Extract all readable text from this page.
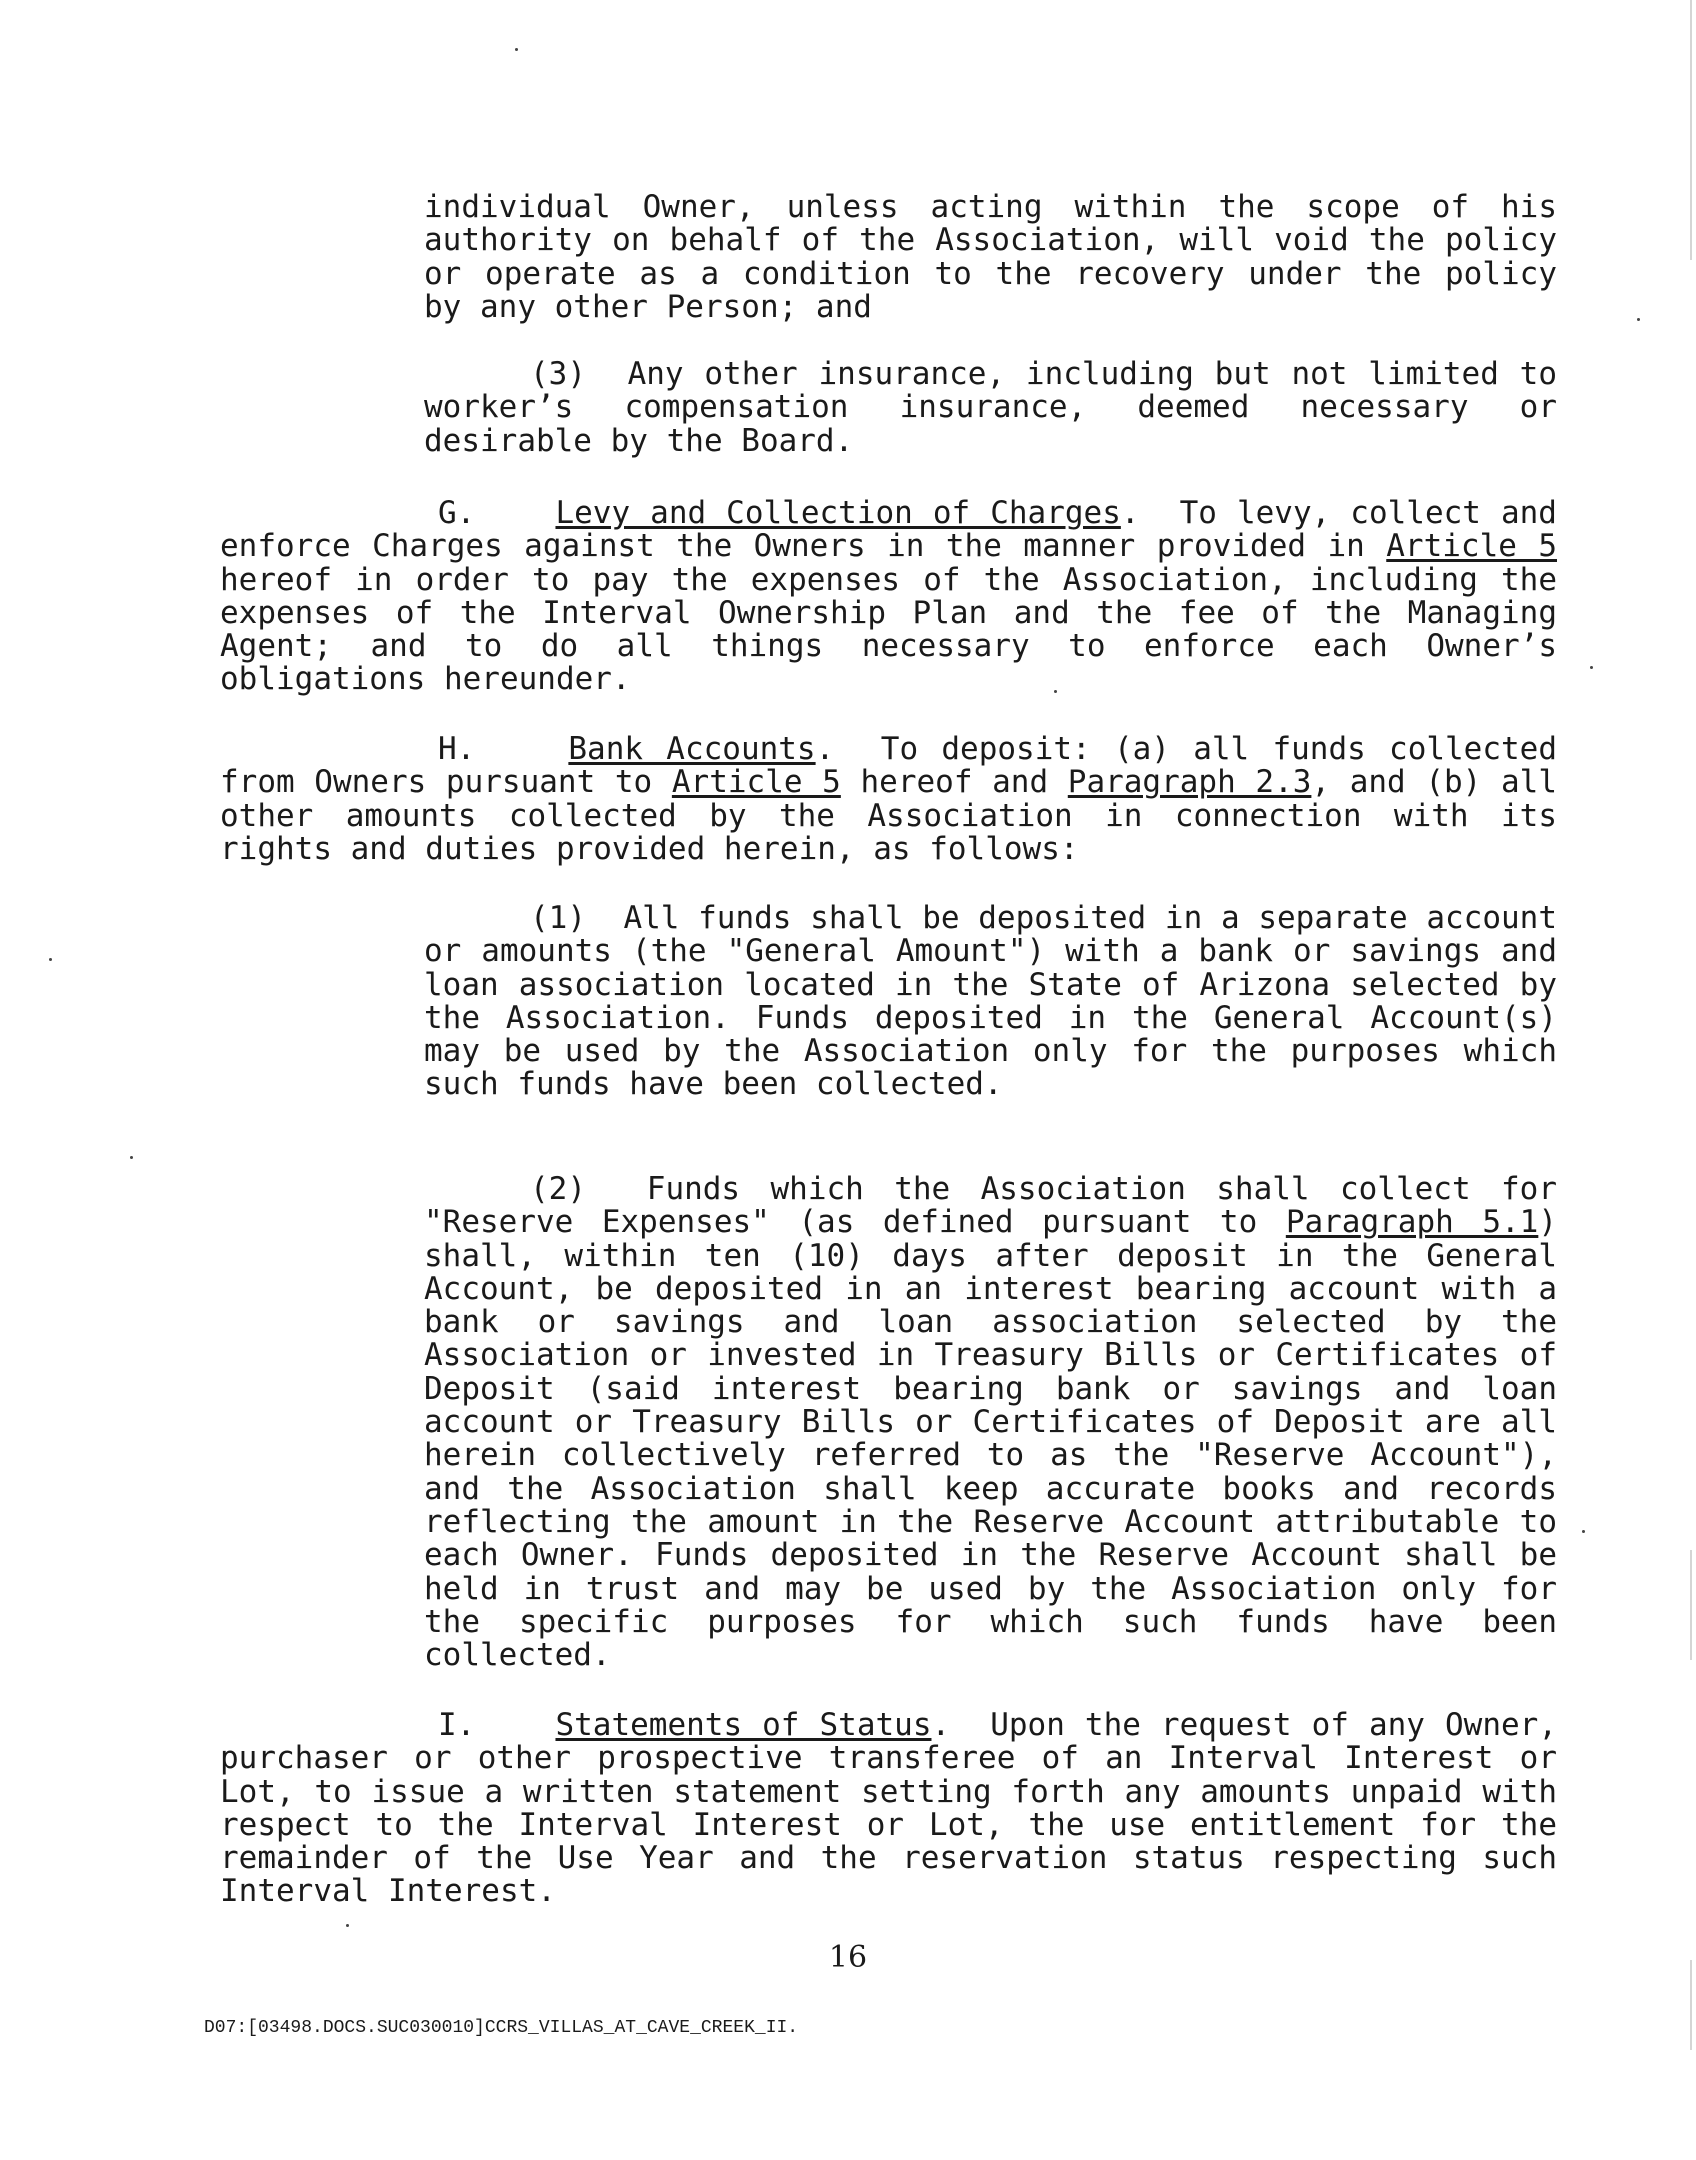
individual Owner, unless acting within the scope of his authority on behalf of the Association, will void the policy or operate as a condition to the recovery under the policy by any other Person; and
(3) Any other insurance, including but not limited to worker’s compensation insurance, deemed necessary or desirable by the Board.
G.	Levy and Collection of Charges.  To levy, collect and enforce Charges against the Owners in the manner provided in Article 5 hereof in order to pay the expenses of the Association, including the expenses of the Interval Ownership Plan and the fee of the Managing Agent; and to do all things necessary to enforce each Owner’s obligations hereunder.
H.	Bank Accounts.  To deposit: (a) all funds collected from Owners pursuant to Article 5 hereof and Paragraph 2.3, and (b) all other amounts collected by the Association in connection with its rights and duties provided herein, as follows:
(1) All funds shall be deposited in a separate account or amounts (the "General Amount") with a bank or savings and loan association located in the State of Arizona selected by the Association. Funds deposited in the General Account(s) may be used by the Association only for the purposes which such funds have been collected.
(2) Funds which the Association shall collect for "Reserve Expenses" (as defined pursuant to Paragraph 5.1) shall, within ten (10) days after deposit in the General Account, be deposited in an interest bearing account with a bank or savings and loan association selected by the Association or invested in Treasury Bills or Certificates of Deposit (said interest bearing bank or savings and loan account or Treasury Bills or Certificates of Deposit are all herein collectively referred to as the "Reserve Account"), and the Association shall keep accurate books and records reflecting the amount in the Reserve Account attributable to each Owner. Funds deposited in the Reserve Account shall be held in trust and may be used by the Association only for the specific purposes for which such funds have been collected.
I.	Statements of Status.  Upon the request of any Owner, purchaser or other prospective transferee of an Interval Interest or Lot, to issue a written statement setting forth any amounts unpaid with respect to the Interval Interest or Lot, the use entitlement for the remainder of the Use Year and the reservation status respecting such Interval Interest.
16
D07:[03498.DOCS.SUC030010]CCRS_VILLAS_AT_CAVE_CREEK_II.
